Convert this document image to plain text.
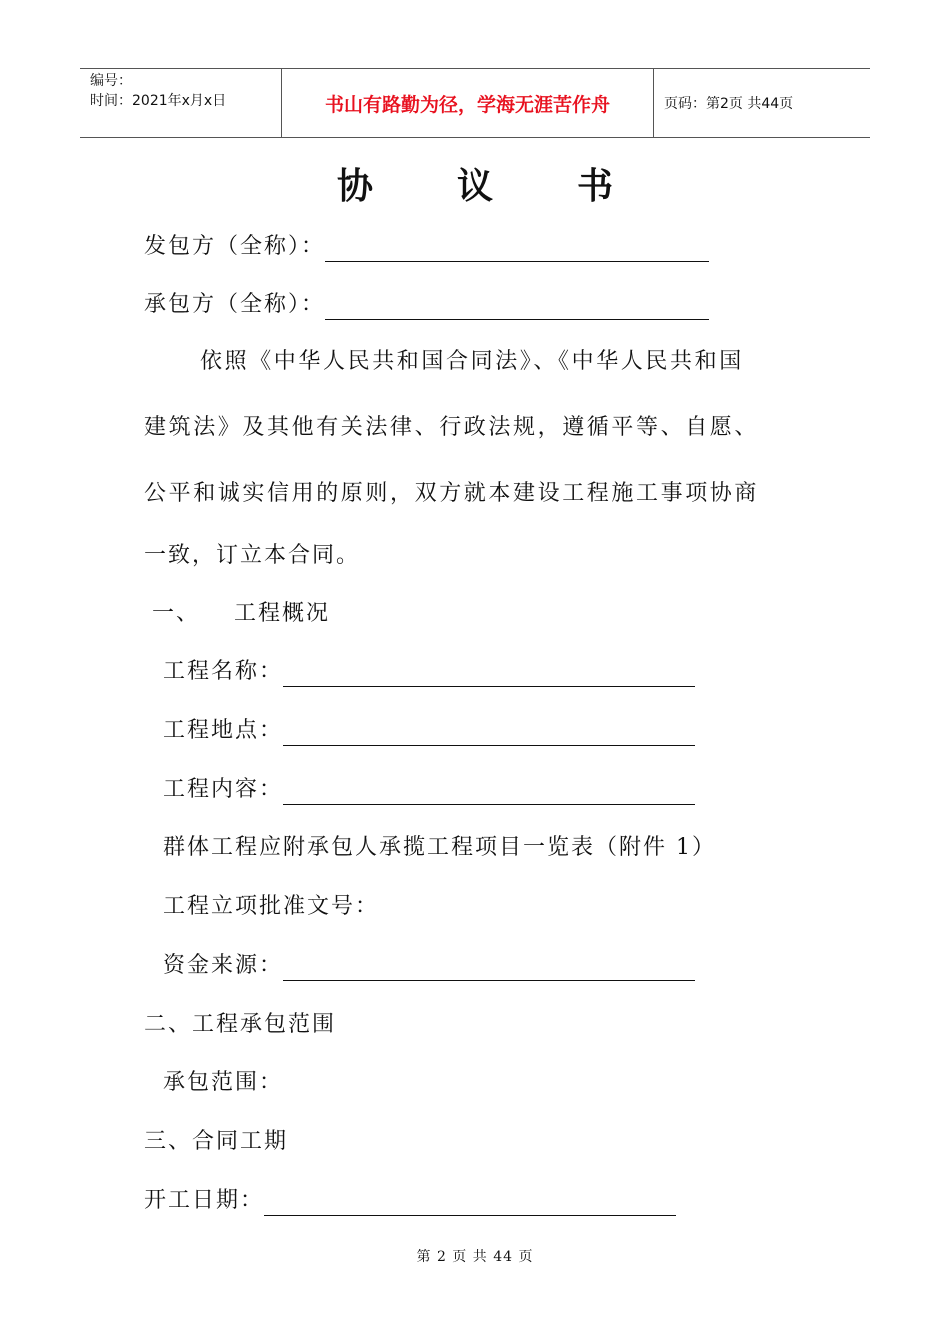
编号：
时间：2021年x月x日	书山有路勤为径，学海无涯苦作舟	页码：第2页 共44页
协 议 书
发包方（全称）：
承包方（全称）：
依照《中华人民共和国合同法》、《中华人民共和国
建筑法》及其他有关法律、行政法规，遵循平等、自愿、
公平和诚实信用的原则，双方就本建设工程施工事项协商
一致，订立本合同。
一、 工程概况
工程名称：
工程地点：
工程内容：
群体工程应附承包人承揽工程项目一览表（附件 1）
工程立项批准文号：
资金来源：
二、工程承包范围
承包范围：
三、合同工期
开工日期：
第 2 页 共 44 页
